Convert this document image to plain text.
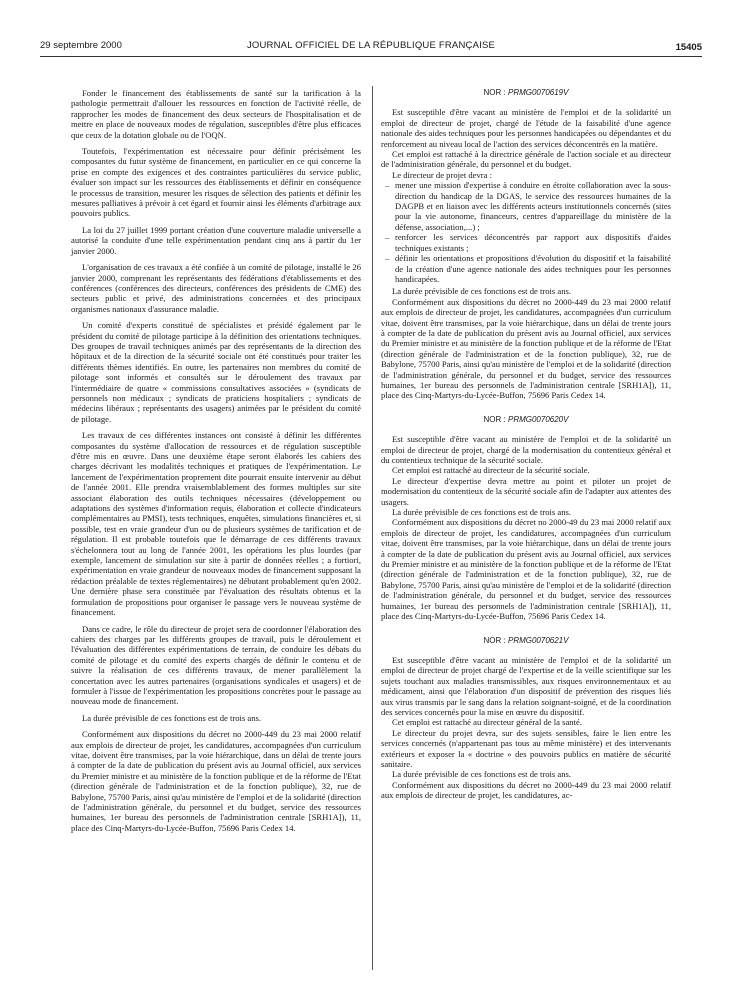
29 septembre 2000	JOURNAL OFFICIEL DE LA RÉPUBLIQUE FRANÇAISE	15405

Fonder le financement des établissements de santé sur la tarification à la pathologie permettrait d'allouer les ressources en fonction de l'activité réelle, de rapprocher les modes de financement des deux secteurs de l'hospitalisation et de mettre en place de nouveaux modes de régulation, susceptibles d'être plus efficaces que ceux de la dotation globale ou de l'OQN.

Toutefois, l'expérimentation est nécessaire pour définir précisément les composantes du futur système de financement, en particulier en ce qui concerne la prise en compte des exigences et des contraintes particulières du service public, évaluer son impact sur les ressources des établissements et définir en conséquence le processus de transition, mesurer les risques de sélection des patients et définir les mesures palliatives à prévoir à cet égard et fournir ainsi les éléments d'arbitrage aux pouvoirs publics.

La loi du 27 juillet 1999 portant création d'une couverture maladie universelle a autorisé la conduite d'une telle expérimentation pendant cinq ans à partir du 1er janvier 2000.

L'organisation de ces travaux a été confiée à un comité de pilotage, installé le 26 janvier 2000, comprenant les représentants des fédérations d'établissements et des conférences (conférences des directeurs, conférences des présidents de CME) des secteurs public et privé, des administrations concernées et des principaux organismes nationaux d'assurance maladie.

Un comité d'experts constitué de spécialistes et présidé également par le président du comité de pilotage participe à la définition des orientations techniques. Des groupes de travail techniques animés par des représentants de la direction des hôpitaux et de la direction de la sécurité sociale ont été constitués pour traiter les différents thèmes identifiés. En outre, les partenaires non membres du comité de pilotage sont informés et consultés sur le déroulement des travaux par l'intermédiaire de quatre « commissions consultatives associées » (syndicats de personnels non médicaux ; syndicats de praticiens hospitaliers ; syndicats de médecins libéraux ; représentants des usagers) animées par le président du comité de pilotage.

Les travaux de ces différentes instances ont consisté à définir les différentes composantes du système d'allocation de ressources et de régulation susceptible d'être mis en œuvre. Dans une deuxième étape seront élaborés les cahiers des charges décrivant les modalités techniques et pratiques de l'expérimentation. Le lancement de l'expérimentation proprement dite pourrait ensuite intervenir au début de l'année 2001. Elle prendra vraisemblablement des formes multiples sur site associant élaboration des outils techniques nécessaires (développement ou adaptations des systèmes d'information requis, élaboration et collecte d'indicateurs complémentaires au PMSI), tests techniques, enquêtes, simulations financières et, si possible, test en vraie grandeur d'un ou de plusieurs systèmes de tarification et de régulation. Il est probable toutefois que le démarrage de ces différents travaux s'échelonnera tout au long de l'année 2001, les opérations les plus lourdes (par exemple, lancement de simulation sur site à partir de données réelles ; a fortiori, expérimentation en vraie grandeur de nouveaux modes de financement supposant la rédaction préalable de textes réglementaires) ne débutant probablement qu'en 2002. Une dernière phase sera constituée par l'évaluation des résultats obtenus et la formulation de propositions pour organiser le passage vers le nouveau système de financement.

Dans ce cadre, le rôle du directeur de projet sera de coordonner l'élaboration des cahiers des charges par les différents groupes de travail, puis le déroulement et l'évaluation des différentes expérimentations de terrain, de conduire les débats du comité de pilotage et du comité des experts chargés de définir le contenu et de suivre la réalisation de ces différents travaux, de mener parallèlement la concertation avec les autres partenaires (organisations syndicales et usagers) et de formuler à l'issue de l'expérimentation les propositions concrètes pour le passage au nouveau mode de financement.

La durée prévisible de ces fonctions est de trois ans.

Conformément aux dispositions du décret no 2000-449 du 23 mai 2000 relatif aux emplois de directeur de projet, les candidatures, accompagnées d'un curriculum vitae, doivent être transmises, par la voie hiérarchique, dans un délai de trente jours à compter de la date de publication du présent avis au Journal officiel, aux services du Premier ministre et au ministère de la fonction publique et de la réforme de l'Etat (direction générale de l'administration et de la fonction publique), 32, rue de Babylone, 75700 Paris, ainsi qu'au ministère de l'emploi et de la solidarité (direction de l'administration générale, du personnel et du budget, service des ressources humaines, 1er bureau des personnels de l'administration centrale [SRH1A]), 11, place des Cinq-Martyrs-du-Lycée-Buffon, 75696 Paris Cedex 14.

NOR : PRMG0070619V

Est susceptible d'être vacant au ministère de l'emploi et de la solidarité un emploi de directeur de projet, chargé de l'étude de la faisabilité d'une agence nationale des aides techniques pour les personnes handicapées ou dépendantes et du renforcement au niveau local de l'action des services déconcentrés en la matière.

Cet emploi est rattaché à la directrice générale de l'action sociale et au directeur de l'administration générale, du personnel et du budget.

Le directeur de projet devra :

– mener une mission d'expertise à conduire en étroite collaboration avec la sous-direction du handicap de la DGAS, le service des ressources humaines de la DAGPB et en liaison avec les différents acteurs institutionnels concernés (sites pour la vie autonome, financeurs, centres d'appareillage du ministère de la défense, association,...) ;
– renforcer les services déconcentrés par rapport aux dispositifs d'aides techniques existants ;
– définir les orientations et propositions d'évolution du dispositif et la faisabilité de la création d'une agence nationale des aides techniques pour les personnes handicapées.

La durée prévisible de ces fonctions est de trois ans.

Conformément aux dispositions du décret no 2000-449 du 23 mai 2000 relatif aux emplois de directeur de projet, les candidatures, accompagnées d'un curriculum vitae, doivent être transmises, par la voie hiérarchique, dans un délai de trente jours à compter de la date de publication du présent avis au Journal officiel, aux services du Premier ministre et au ministère de la fonction publique et de la réforme de l'Etat (direction générale de l'administration et de la fonction publique), 32, rue de Babylone, 75700 Paris, ainsi qu'au ministère de l'emploi et de la solidarité (direction de l'administration générale, du personnel et du budget, service des ressources humaines, 1er bureau des personnels de l'administration centrale [SRH1A]), 11, place des Cinq-Martyrs-du-Lycée-Buffon, 75696 Paris Cedex 14.

NOR : PRMG0070620V

Est susceptible d'être vacant au ministère de l'emploi et de la solidarité un emploi de directeur de projet, chargé de la modernisation du contentieux général et du contentieux technique de la sécurité sociale.

Cet emploi est rattaché au directeur de la sécurité sociale.

Le directeur d'expertise devra mettre au point et piloter un projet de modernisation du contentieux de la sécurité sociale afin de l'adapter aux attentes des usagers.

La durée prévisible de ces fonctions est de trois ans.

Conformément aux dispositions du décret no 2000-49 du 23 mai 2000 relatif aux emplois de directeur de projet, les candidatures, accompagnées d'un curriculum vitae, doivent être transmises, par la voie hiérarchique, dans un délai de trente jours à compter de la date de publication du présent avis au Journal officiel, aux services du Premier ministre et au ministère de la fonction publique et de la réforme de l'Etat (direction générale de l'administration et de la fonction publique), 32, rue de Babylone, 75700 Paris, ainsi qu'au ministère de l'emploi et de la solidarité (direction de l'administration générale, du personnel et du budget, service des ressources humaines, 1er bureau des personnels de l'administration centrale [SRH1A]), 11, place des Cinq-Martyrs-du-Lycée-Buffon, 75696 Paris Cedex 14.

NOR : PRMG0070621V

Est susceptible d'être vacant au ministère de l'emploi et de la solidarité un emploi de directeur de projet chargé de l'expertise et de la veille scientifique sur les sujets touchant aux maladies transmissibles, aux risques environnementaux et au médicament, ainsi que l'élaboration d'un dispositif de prévention des risques liés aux virus transmis par le sang dans la relation soignant-soigné, et de la coordination des services concernés pour la mise en œuvre du dispositif.

Cet emploi est rattaché au directeur général de la santé.

Le directeur du projet devra, sur des sujets sensibles, faire le lien entre les services concernés (n'appartenant pas tous au même ministère) et des intervenants extérieurs et exposer la « doctrine » des pouvoirs publics en matière de sécurité sanitaire.

La durée prévisible de ces fonctions est de trois ans.

Conformément aux dispositions du décret no 2000-449 du 23 mai 2000 relatif aux emplois de directeur de projet, les candidatures, ac-
